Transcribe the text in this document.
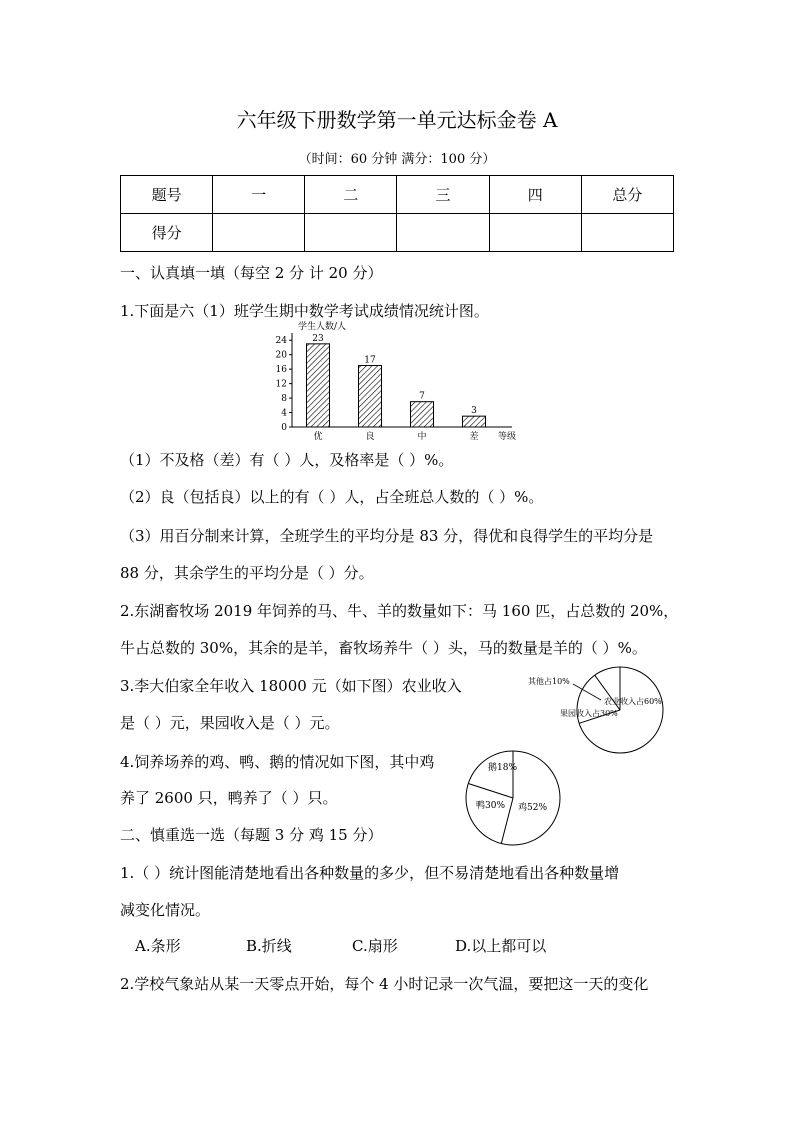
六年级下册数学第一单元达标金卷 A
（时间：60 分钟 满分：100 分）
题号	一	二	三	四	总分
得分					
一、认真填一填（每空 2 分 计 20 分）
1.下面是六（1）班学生期中数学考试成绩情况统计图。
学生人数/人
0
4
8
12
16
20
24	23
优
17
良
7
中
3
差 等级
（1）不及格（差）有（ ）人，及格率是（ ）%。
（2）良（包括良）以上的有（ ）人，占全班总人数的（ ）%。
（3）用百分制来计算，全班学生的平均分是 83 分，得优和良得学生的平均分是
88 分，其余学生的平均分是（ ）分。
2.东湖畜牧场 2019 年饲养的马、牛、羊的数量如下：马 160 匹，占总数的 20%，
牛占总数的 30%，其余的是羊，畜牧场养牛（ ）头，马的数量是羊的（ ）%。
3.李大伯家全年收入 18000 元（如下图）农业收入
是（ ）元，果园收入是（ ）元。
农业收入占60%
果园收入占30%
其他占10%
4.饲养场养的鸡、鸭、鹅的情况如下图，其中鸡
养了 2600 只，鸭养了（ ）只。
鸡52%
鸭30%
鹅18%
二、慎重选一选（每题 3 分 鸡 15 分）
1.（ ）统计图能清楚地看出各种数量的多少，但不易清楚地看出各种数量增
减变化情况。
A.条形	B.折线	C.扇形	D.以上都可以
2.学校气象站从某一天零点开始，每个 4 小时记录一次气温，要把这一天的变化
